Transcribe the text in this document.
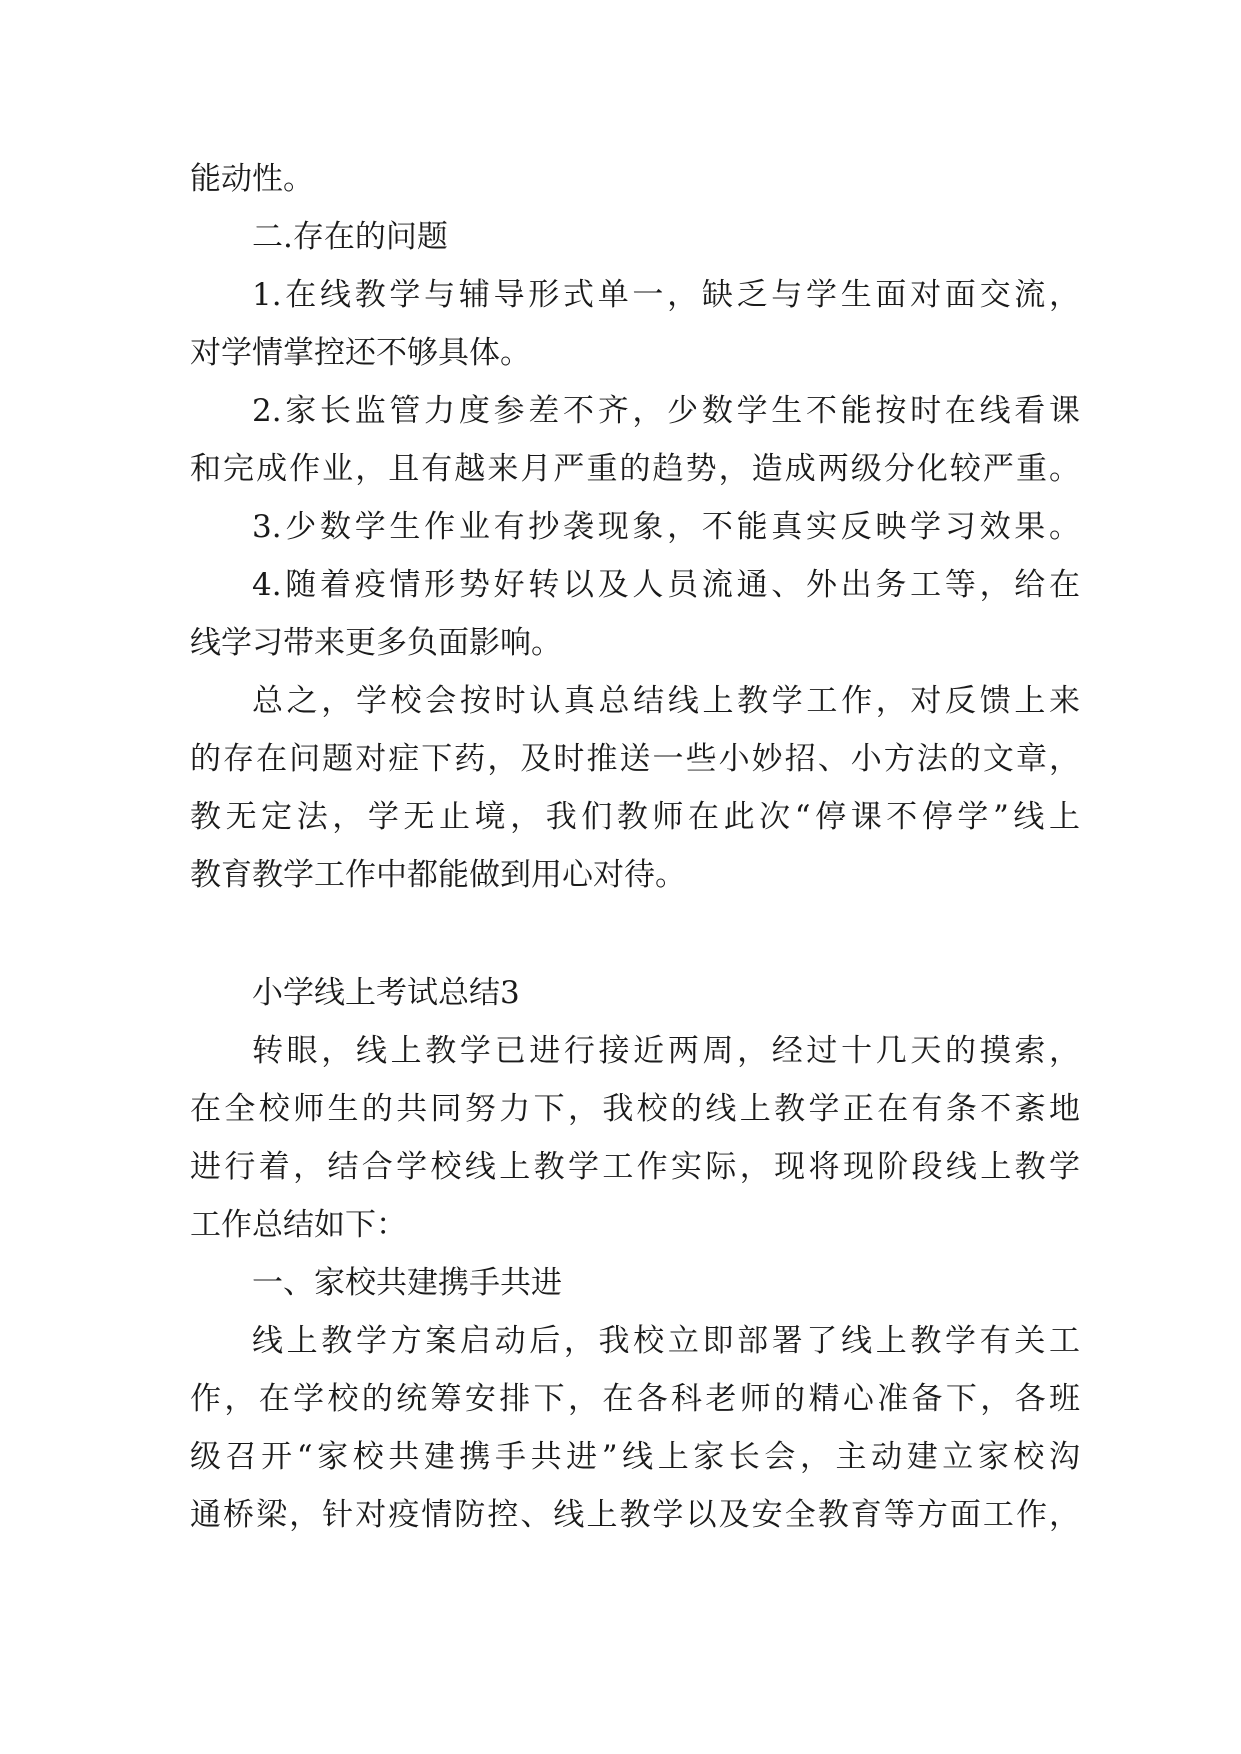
能动性。
二.存在的问题
1.在线教学与辅导形式单一，缺乏与学生面对面交流，
对学情掌控还不够具体。
2.家长监管力度参差不齐，少数学生不能按时在线看课
和完成作业，且有越来月严重的趋势，造成两级分化较严重。
3.少数学生作业有抄袭现象，不能真实反映学习效果。
4.随着疫情形势好转以及人员流通、外出务工等，给在
线学习带来更多负面影响。
总之，学校会按时认真总结线上教学工作，对反馈上来
的存在问题对症下药，及时推送一些小妙招、小方法的文章，
教无定法，学无止境，我们教师在此次“停课不停学”线上
教育教学工作中都能做到用心对待。
小学线上考试总结3
转眼，线上教学已进行接近两周，经过十几天的摸索，
在全校师生的共同努力下，我校的线上教学正在有条不紊地
进行着，结合学校线上教学工作实际，现将现阶段线上教学
工作总结如下：
一、家校共建携手共进
线上教学方案启动后，我校立即部署了线上教学有关工
作，在学校的统筹安排下，在各科老师的精心准备下，各班
级召开“家校共建携手共进”线上家长会，主动建立家校沟
通桥梁，针对疫情防控、线上教学以及安全教育等方面工作，
